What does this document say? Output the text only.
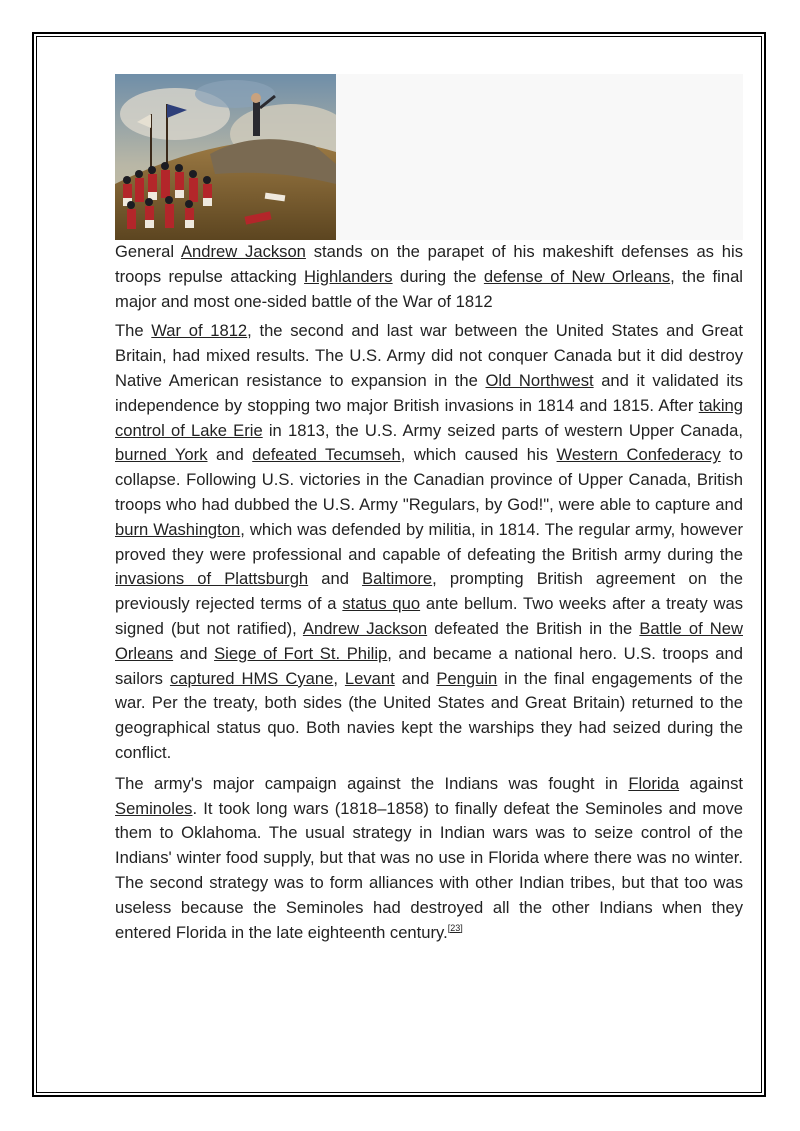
General Andrew Jackson stands on the parapet of his makeshift defenses as his troops repulse attacking Highlanders during the defense of New Orleans, the final major and most one-sided battle of the War of 1812

The War of 1812, the second and last war between the United States and Great Britain, had mixed results. The U.S. Army did not conquer Canada but it did destroy Native American resistance to expansion in the Old Northwest and it validated its independence by stopping two major British invasions in 1814 and 1815. After taking control of Lake Erie in 1813, the U.S. Army seized parts of western Upper Canada, burned York and defeated Tecumseh, which caused his Western Confederacy to collapse. Following U.S. victories in the Canadian province of Upper Canada, British troops who had dubbed the U.S. Army "Regulars, by God!", were able to capture and burn Washington, which was defended by militia, in 1814. The regular army, however proved they were professional and capable of defeating the British army during the invasions of Plattsburgh and Baltimore, prompting British agreement on the previously rejected terms of a status quo ante bellum. Two weeks after a treaty was signed (but not ratified), Andrew Jackson defeated the British in the Battle of New Orleans and Siege of Fort St. Philip, and became a national hero. U.S. troops and sailors captured HMS Cyane, Levant and Penguin in the final engagements of the war. Per the treaty, both sides (the United States and Great Britain) returned to the geographical status quo. Both navies kept the warships they had seized during the conflict.

The army's major campaign against the Indians was fought in Florida against Seminoles. It took long wars (1818–1858) to finally defeat the Seminoles and move them to Oklahoma. The usual strategy in Indian wars was to seize control of the Indians' winter food supply, but that was no use in Florida where there was no winter. The second strategy was to form alliances with other Indian tribes, but that too was useless because the Seminoles had destroyed all the other Indians when they entered Florida in the late eighteenth century.[23]
